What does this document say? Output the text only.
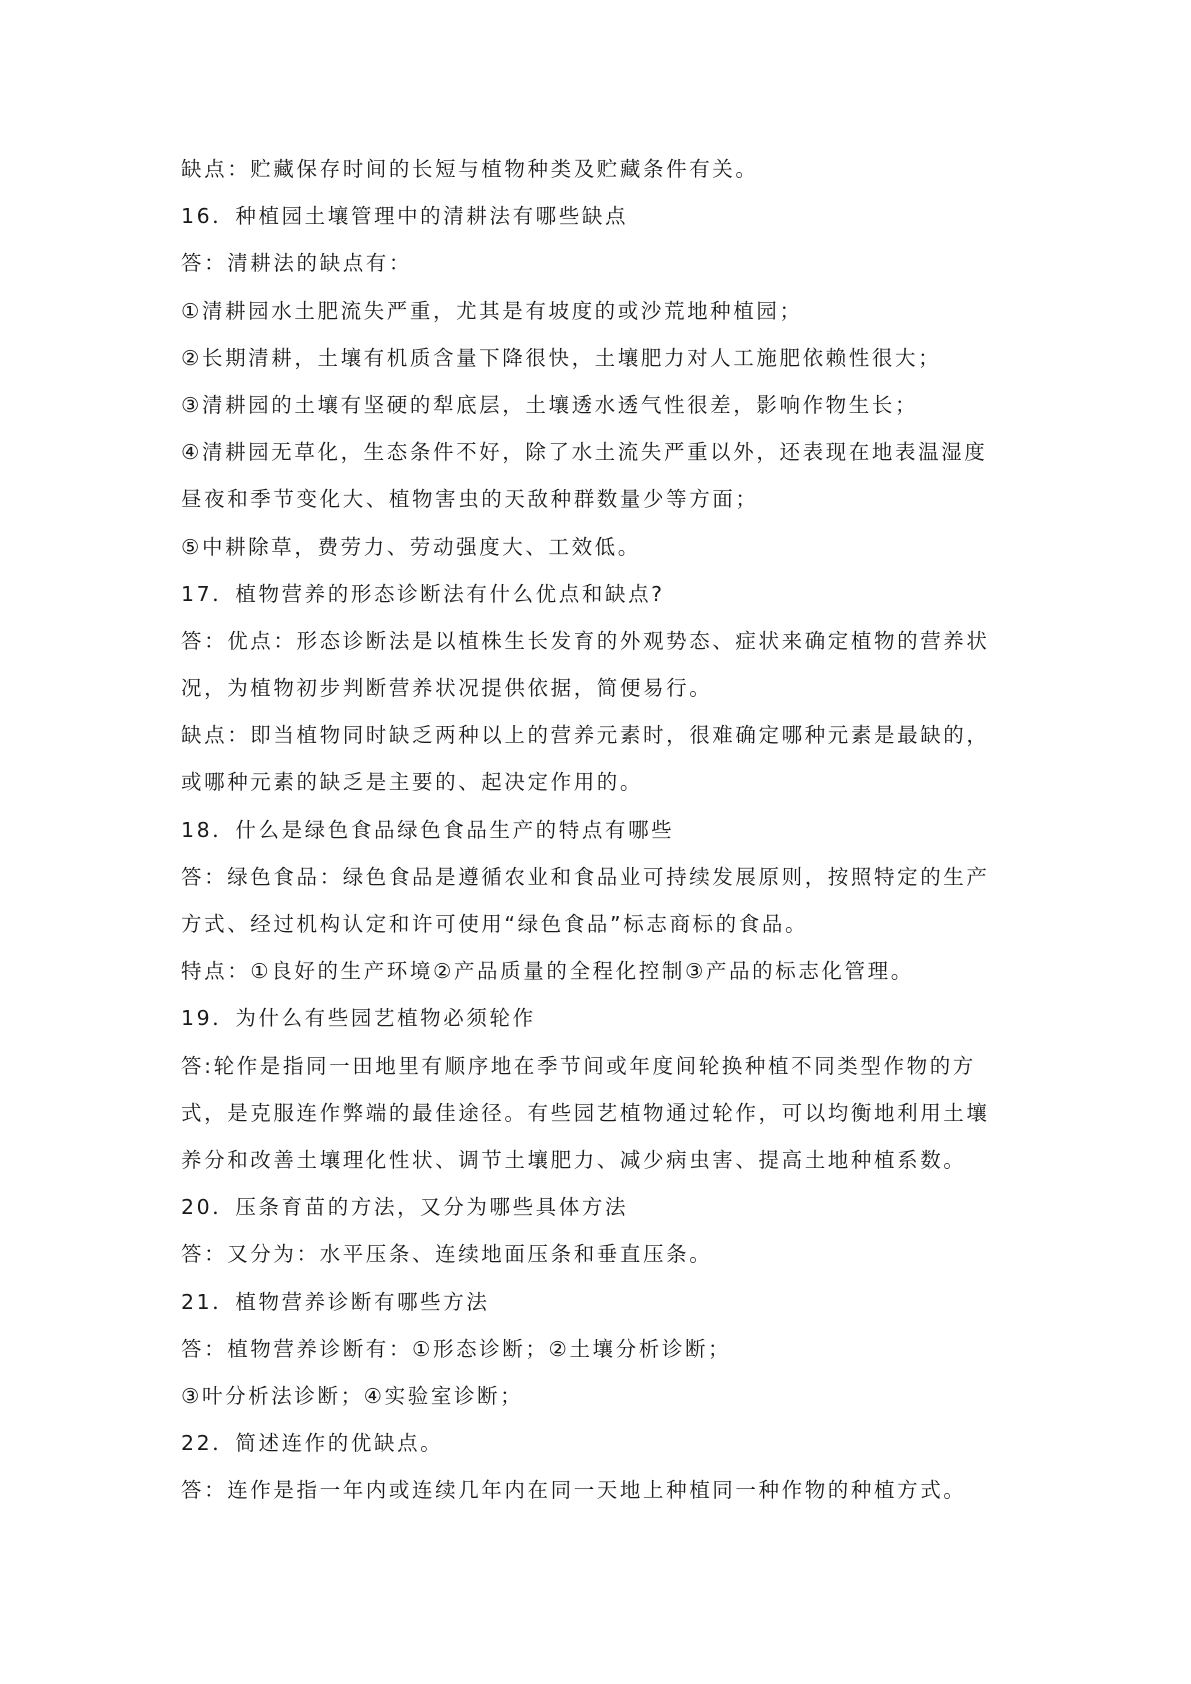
缺点：贮藏保存时间的长短与植物种类及贮藏条件有关。
16．种植园土壤管理中的清耕法有哪些缺点
答：清耕法的缺点有：
①清耕园水土肥流失严重，尤其是有坡度的或沙荒地种植园；
②长期清耕，土壤有机质含量下降很快，土壤肥力对人工施肥依赖性很大；
③清耕园的土壤有坚硬的犁底层，土壤透水透气性很差，影响作物生长；
④清耕园无草化，生态条件不好，除了水土流失严重以外，还表现在地表温湿度
昼夜和季节变化大、植物害虫的天敌种群数量少等方面；
⑤中耕除草，费劳力、劳动强度大、工效低。
17．植物营养的形态诊断法有什么优点和缺点?
答：优点：形态诊断法是以植株生长发育的外观势态、症状来确定植物的营养状
况，为植物初步判断营养状况提供依据，简便易行。
缺点：即当植物同时缺乏两种以上的营养元素时，很难确定哪种元素是最缺的，
或哪种元素的缺乏是主要的、起决定作用的。
18．什么是绿色食品绿色食品生产的特点有哪些
答：绿色食品：绿色食品是遵循农业和食品业可持续发展原则，按照特定的生产
方式、经过机构认定和许可使用“绿色食品”标志商标的食品。
特点：①良好的生产环境②产品质量的全程化控制③产品的标志化管理。
19．为什么有些园艺植物必须轮作
答:轮作是指同一田地里有顺序地在季节间或年度间轮换种植不同类型作物的方
式，是克服连作弊端的最佳途径。有些园艺植物通过轮作，可以均衡地利用土壤
养分和改善土壤理化性状、调节土壤肥力、减少病虫害、提高土地种植系数。
20．压条育苗的方法，又分为哪些具体方法
答：又分为：水平压条、连续地面压条和垂直压条。
21．植物营养诊断有哪些方法
答：植物营养诊断有：①形态诊断；②土壤分析诊断；
③叶分析法诊断；④实验室诊断；
22．简述连作的优缺点。
答：连作是指一年内或连续几年内在同一天地上种植同一种作物的种植方式。
